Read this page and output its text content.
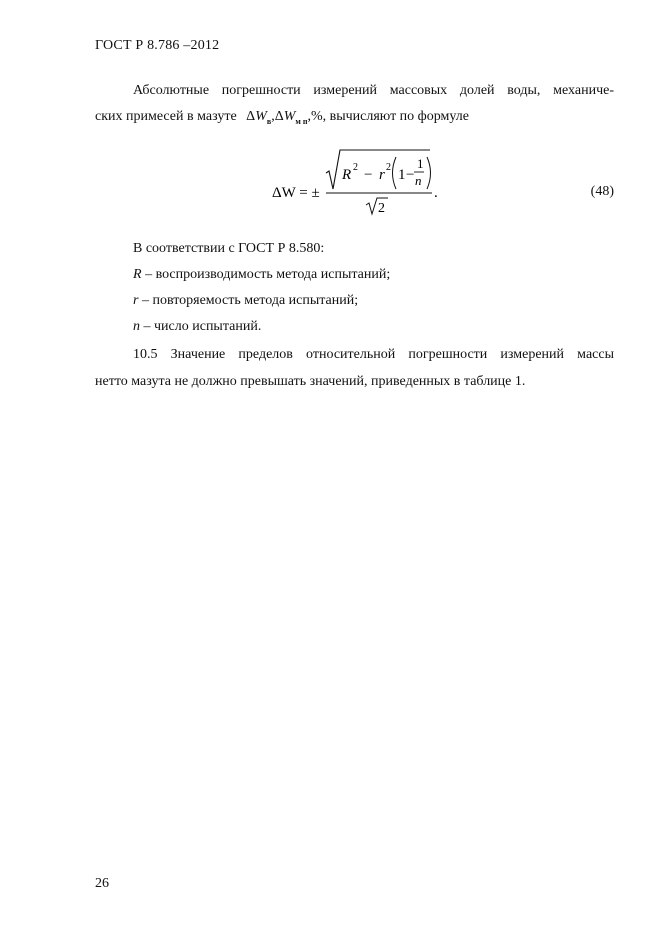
ГОСТ Р 8.786 –2012
Абсолютные погрешности измерений массовых долей воды, механиче-
ских примесей в мазуте $\Delta W_в,\Delta W_{м п},\%$, вычисляют по формуле
ΔW = ±
R 2 − r 2 1 −
1
n
2
.	(48)
В соответствии с ГОСТ Р 8.580:
R – воспроизводимость метода испытаний;
r – повторяемость метода испытаний;
n – число испытаний.
10.5 Значение пределов относительной погрешности измерений массы
нетто мазута не должно превышать значений, приведенных в таблице 1.
26
